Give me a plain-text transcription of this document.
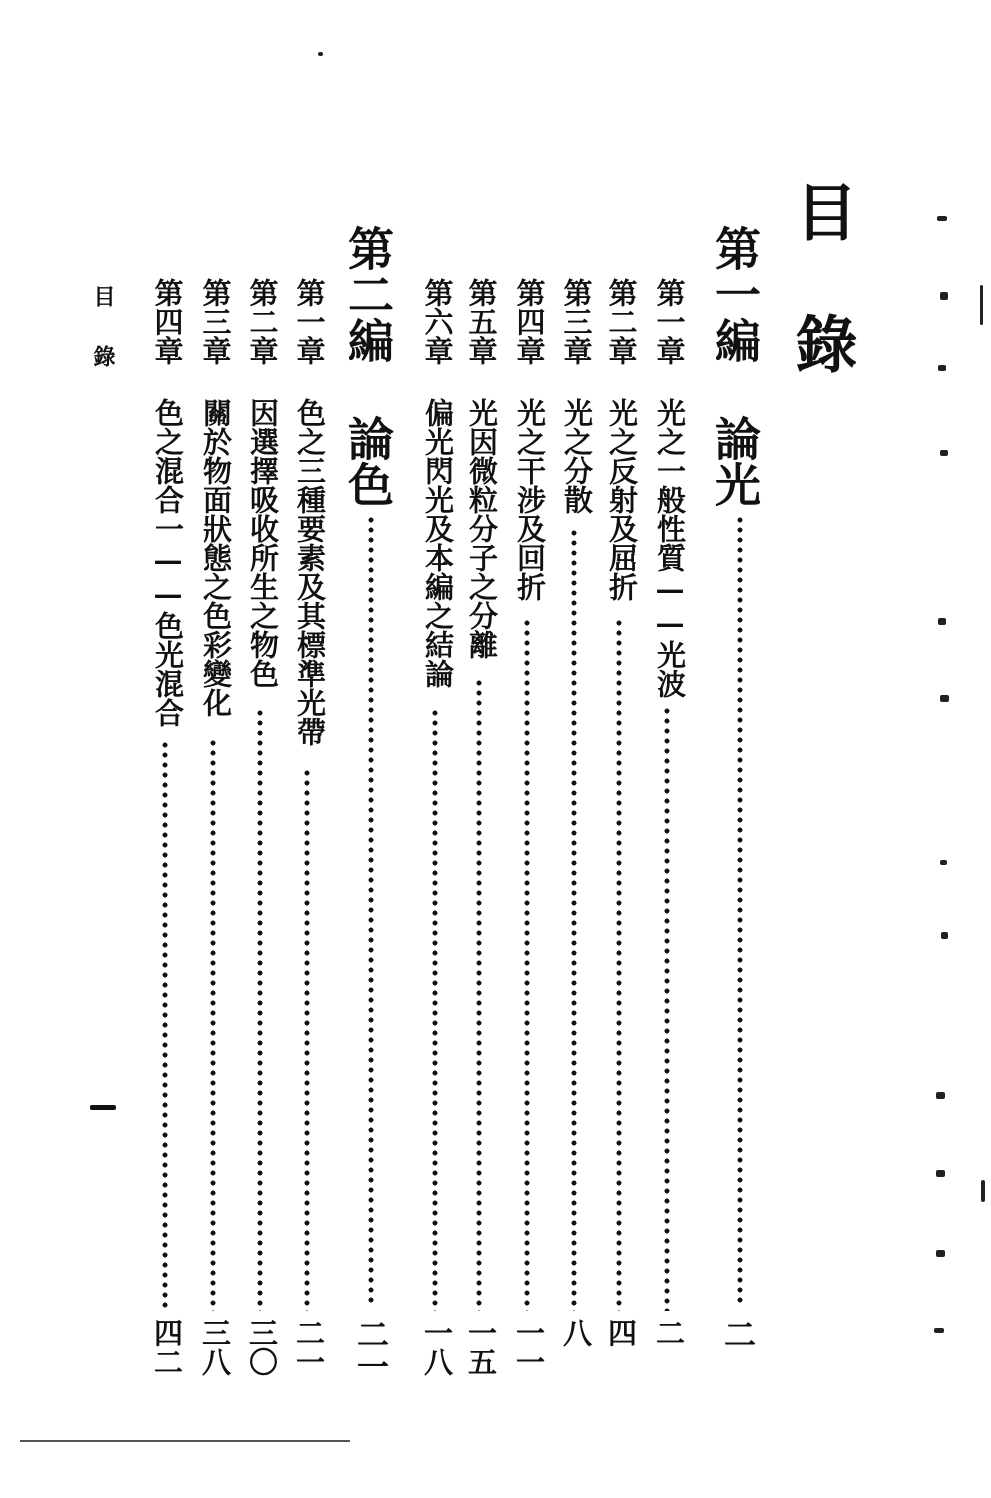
目錄
第一編
論光
二
第一章
光之一般性質——光波
二
第二章
光之反射及屈折
四
第三章
光之分散
八
第四章
光之干涉及回折
一一
第五章
光因微粒分子之分離
一五
第六章
偏光閃光及本編之結論
一八
第二編
論色
二一
第一章
色之三種要素及其標準光帶
二一
第二章
因選擇吸收所生之物色
三〇
第三章
關於物面狀態之色彩變化
三八
第四章
色之混合一——色光混合
四二
目錄
